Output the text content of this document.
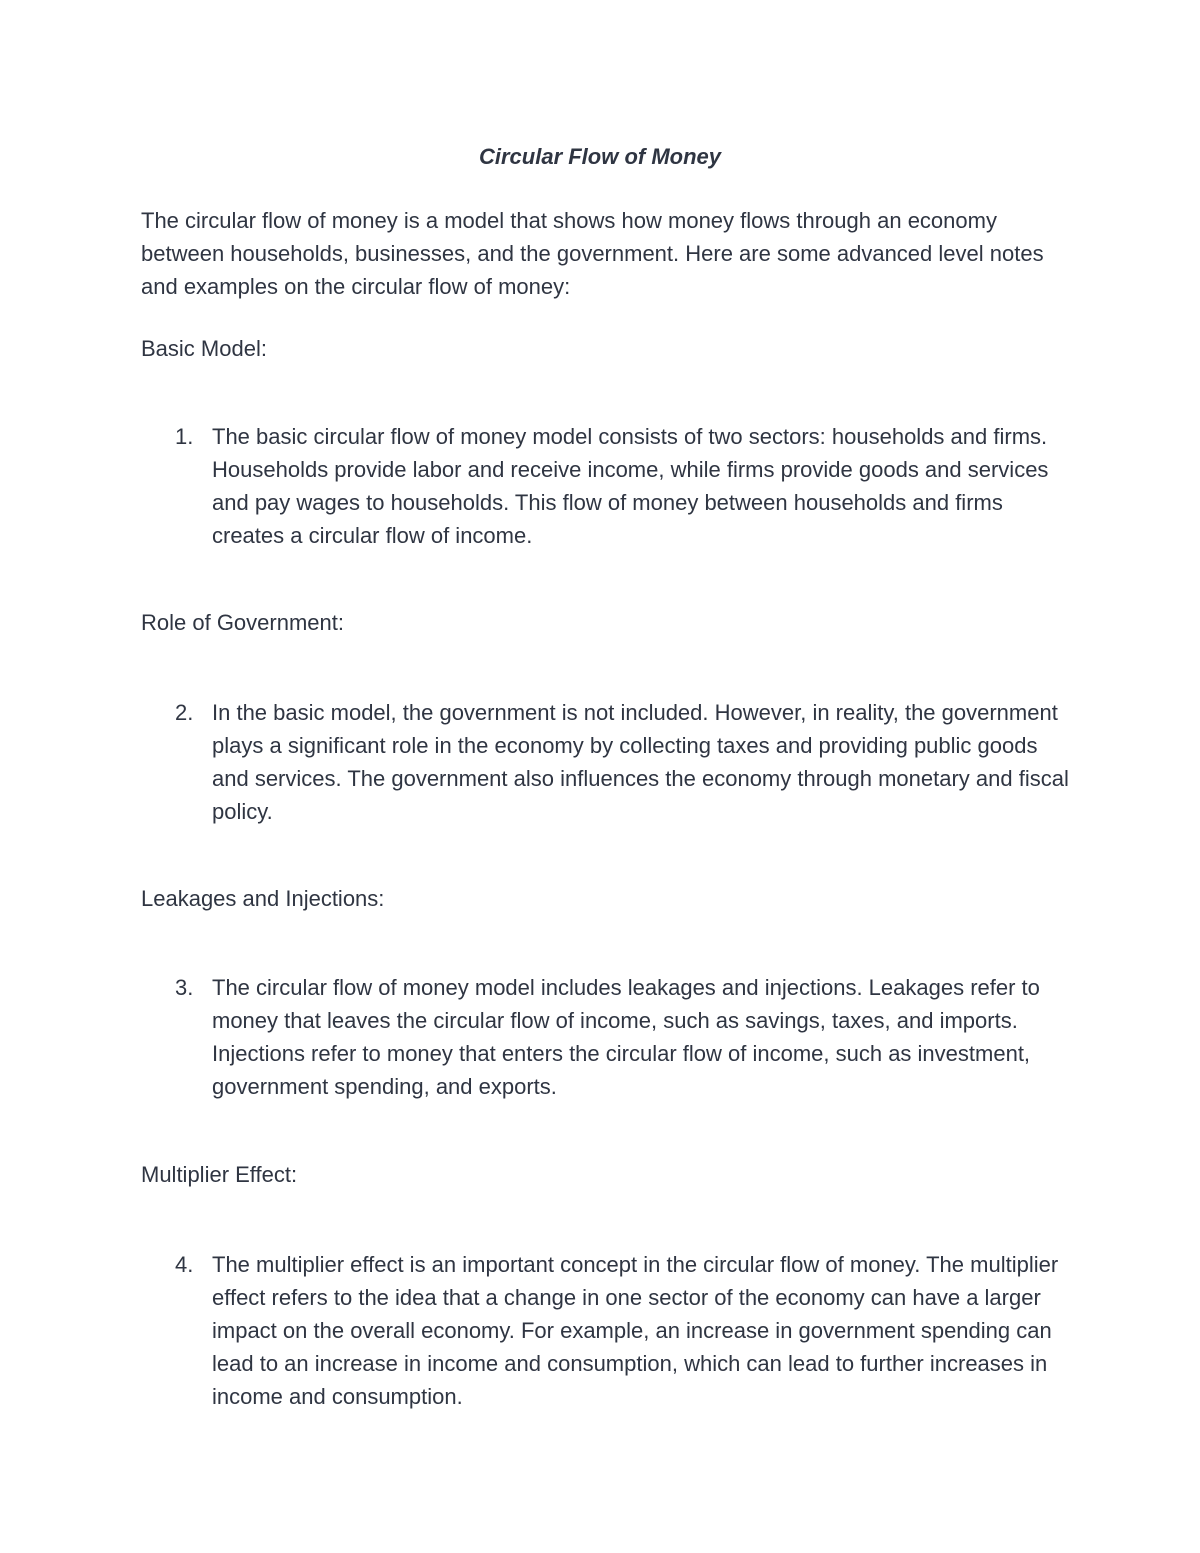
Circular Flow of Money

The circular flow of money is a model that shows how money flows through an economy between households, businesses, and the government. Here are some advanced level notes and examples on the circular flow of money:

Basic Model:

1. The basic circular flow of money model consists of two sectors: households and firms. Households provide labor and receive income, while firms provide goods and services and pay wages to households. This flow of money between households and firms creates a circular flow of income.

Role of Government:

2. In the basic model, the government is not included. However, in reality, the government plays a significant role in the economy by collecting taxes and providing public goods and services. The government also influences the economy through monetary and fiscal policy.

Leakages and Injections:

3. The circular flow of money model includes leakages and injections. Leakages refer to money that leaves the circular flow of income, such as savings, taxes, and imports. Injections refer to money that enters the circular flow of income, such as investment, government spending, and exports.

Multiplier Effect:

4. The multiplier effect is an important concept in the circular flow of money. The multiplier effect refers to the idea that a change in one sector of the economy can have a larger impact on the overall economy. For example, an increase in government spending can lead to an increase in income and consumption, which can lead to further increases in income and consumption.
